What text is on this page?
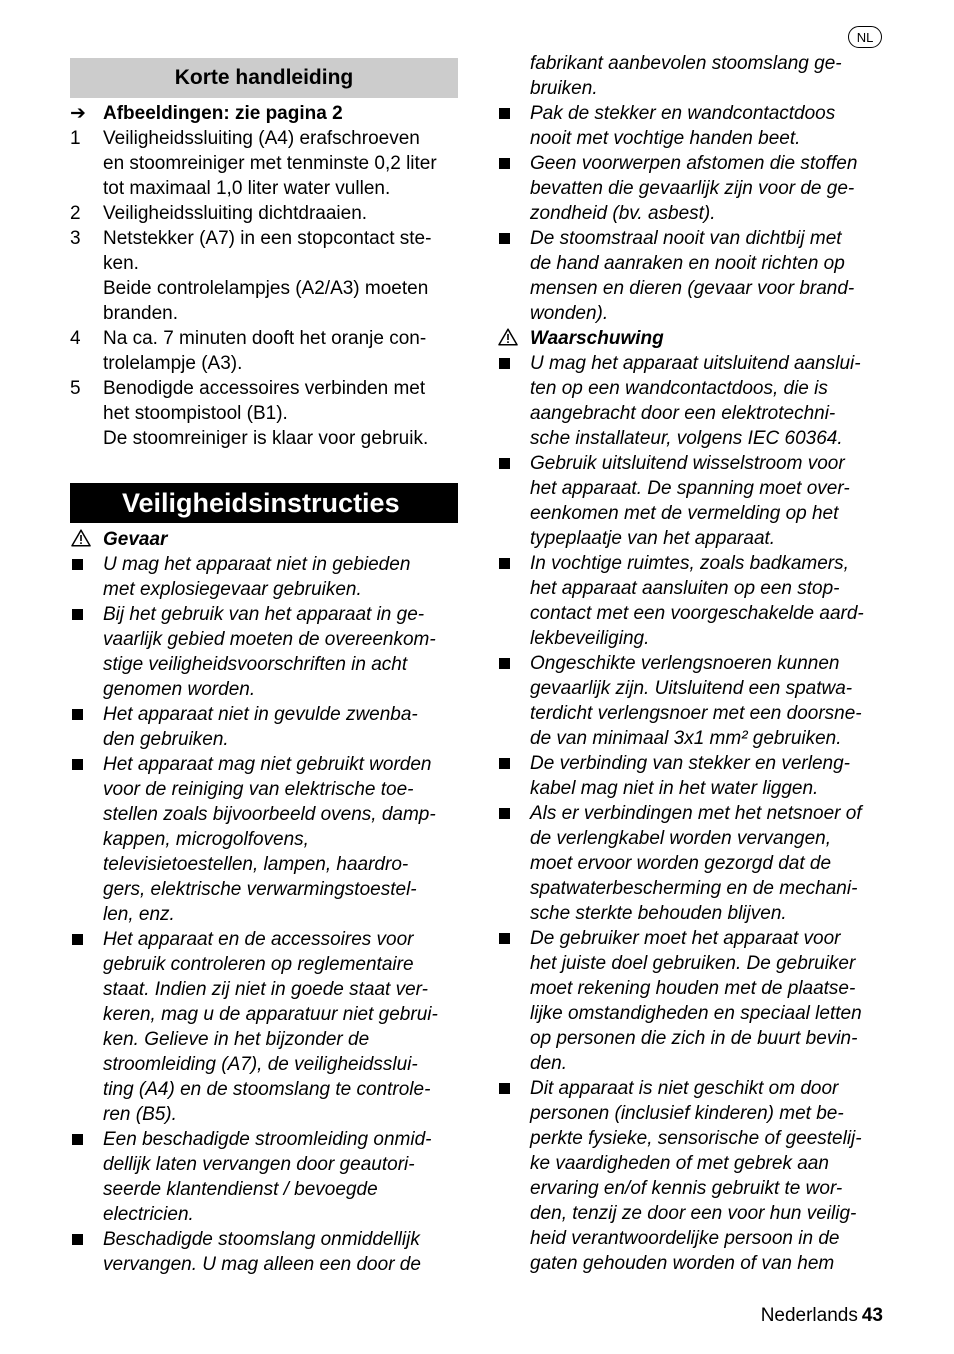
NL
Korte handleiding
Veiligheidsinstructies
➔ Afbeeldingen: zie pagina 2
1	Veiligheidssluiting (A4) erafschroeven
en stoomreiniger met tenminste 0,2 liter
tot maximaal 1,0 liter water vullen.
2	Veiligheidssluiting dichtdraaien.
3	Netstekker (A7) in een stopcontact ste-
ken.
Beide controlelampjes (A2/A3) moeten
branden.
4	Na ca. 7 minuten dooft het oranje con-
trolelampje (A3).
5	Benodigde accessoires verbinden met
het stoompistool (B1).
De stoomreiniger is klaar voor gebruik.
Gevaar
U mag het apparaat niet in gebieden
met explosiegevaar gebruiken.
Bij het gebruik van het apparaat in ge-
vaarlijk gebied moeten de overeenkom-
stige veiligheidsvoorschriften in acht
genomen worden.
Het apparaat niet in gevulde zwenba-
den gebruiken.
Het apparaat mag niet gebruikt worden
voor de reiniging van elektrische toe-
stellen zoals bijvoorbeeld ovens, damp-
kappen, microgolfovens,
televisietoestellen, lampen, haardro-
gers, elektrische verwarmingstoestel-
len, enz.
Het apparaat en de accessoires voor
gebruik controleren op reglementaire
staat. Indien zij niet in goede staat ver-
keren, mag u de apparatuur niet gebrui-
ken. Gelieve in het bijzonder de
stroomleiding (A7), de veiligheidsslui-
ting (A4) en de stoomslang te controle-
ren (B5).
Een beschadigde stroomleiding onmid-
dellijk laten vervangen door geautori-
seerde klantendienst / bevoegde
electricien.
Beschadigde stoomslang onmiddellijk
vervangen. U mag alleen een door de
fabrikant aanbevolen stoomslang ge-
bruiken.
Pak de stekker en wandcontactdoos
nooit met vochtige handen beet.
Geen voorwerpen afstomen die stoffen
bevatten die gevaarlijk zijn voor de ge-
zondheid (bv. asbest).
De stoomstraal nooit van dichtbij met
de hand aanraken en nooit richten op
mensen en dieren (gevaar voor brand-
wonden).
Waarschuwing
U mag het apparaat uitsluitend aanslui-
ten op een wandcontactdoos, die is
aangebracht door een elektrotechni-
sche installateur, volgens IEC 60364.
Gebruik uitsluitend wisselstroom voor
het apparaat. De spanning moet over-
eenkomen met de vermelding op het
typeplaatje van het apparaat.
In vochtige ruimtes, zoals badkamers,
het apparaat aansluiten op een stop-
contact met een voorgeschakelde aard-
lekbeveiliging.
Ongeschikte verlengsnoeren kunnen
gevaarlijk zijn. Uitsluitend een spatwa-
terdicht verlengsnoer met een doorsne-
de van minimaal 3x1 mm² gebruiken.
De verbinding van stekker en verleng-
kabel mag niet in het water liggen.
Als er verbindingen met het netsnoer of
de verlengkabel worden vervangen,
moet ervoor worden gezorgd dat de
spatwaterbescherming en de mechani-
sche sterkte behouden blijven.
De gebruiker moet het apparaat voor
het juiste doel gebruiken. De gebruiker
moet rekening houden met de plaatse-
lijke omstandigheden en speciaal letten
op personen die zich in de buurt bevin-
den.
Dit apparaat is niet geschikt om door
personen (inclusief kinderen) met be-
perkte fysieke, sensorische of geestelij-
ke vaardigheden of met gebrek aan
ervaring en/of kennis gebruikt te wor-
den, tenzij ze door een voor hun veilig-
heid verantwoordelijke persoon in de
gaten gehouden worden of van hem
Nederlands 43
